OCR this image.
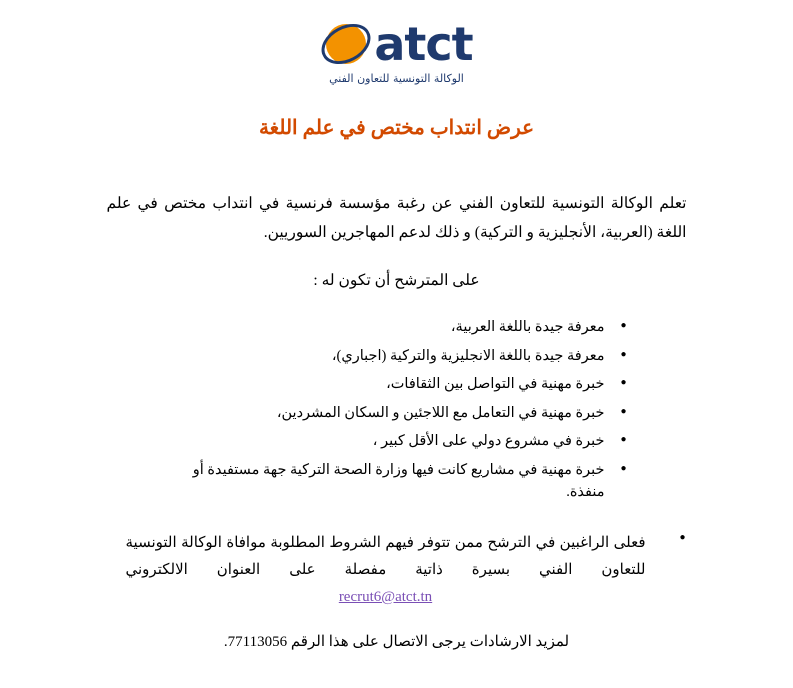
atct
الوكالة التونسية للتعاون الفني
عرض انتداب مختص في علم اللغة

تعلم الوكالة التونسية للتعاون الفني عن رغبة مؤسسة فرنسية في انتداب مختص في علم اللغة (العربية، الأنجليزية و التركية) و ذلك لدعم المهاجرين السوريين.

على المترشح أن تكون له :

● معرفة جيدة باللغة العربية،
● معرفة جيدة باللغة الانجليزية والتركية (اجباري)،
● خبرة مهنية في التواصل بين الثقافات،
● خبرة مهنية في التعامل مع اللاجئين و السكان المشردين،
● خبرة في مشروع دولي على الأقل كبير ،
● خبرة مهنية في مشاريع كانت فيها وزارة الصحة التركية جهة مستفيدة أو منفذة.
● فعلى الراغبين في الترشح ممن تتوفر فيهم الشروط المطلوبة موافاة الوكالة التونسية للتعاون الفني بسيرة ذاتية مفصلة على العنوان الالكتروني
recrut6@atct.tn
لمزيد الارشادات يرجى الاتصال على هذا الرقم 77113056.
